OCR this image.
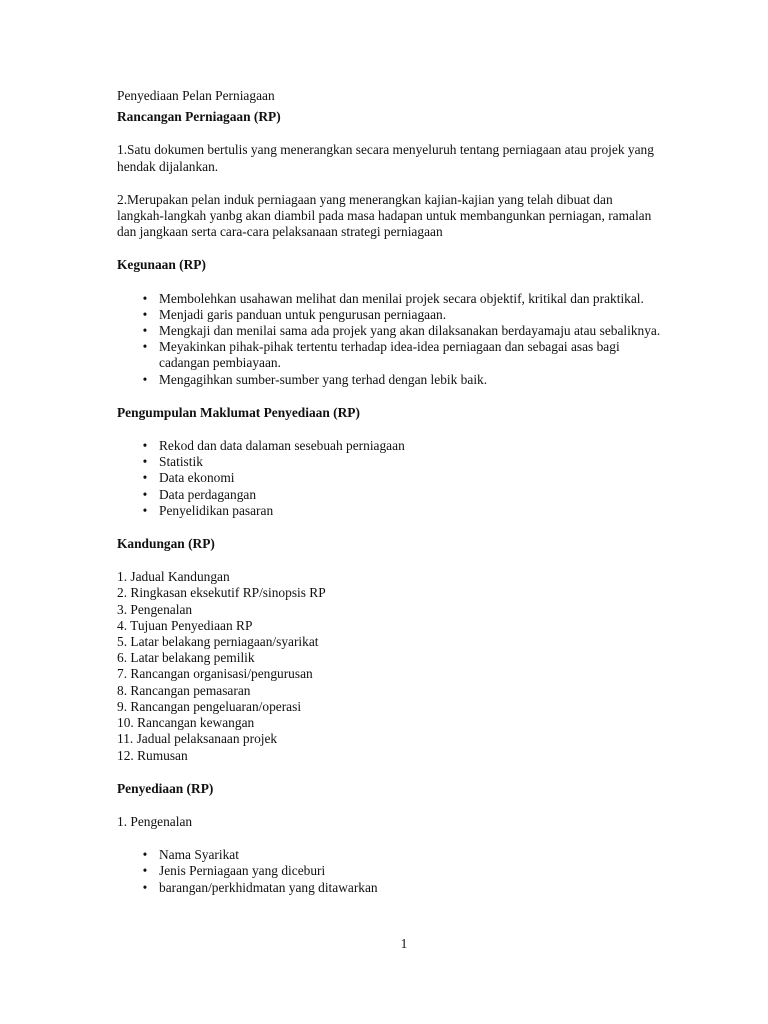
Penyediaan Pelan Perniagaan

Rancangan Perniagaan (RP)

1.Satu dokumen bertulis yang menerangkan secara menyeluruh tentang perniagaan atau projek yang
hendak dijalankan.

2.Merupakan pelan induk perniagaan yang menerangkan kajian-kajian yang telah dibuat dan
langkah-langkah yanbg akan diambil pada masa hadapan untuk membangunkan perniagan, ramalan
dan jangkaan serta cara-cara pelaksanaan strategi perniagaan

Kegunaan (RP)
• Membolehkan usahawan melihat dan menilai projek secara objektif, kritikal dan praktikal.
• Menjadi garis panduan untuk pengurusan perniagaan.
• Mengkaji dan menilai sama ada projek yang akan dilaksanakan berdayamaju atau sebaliknya.
• Meyakinkan pihak-pihak tertentu terhadap idea-idea perniagaan dan sebagai asas bagi
cadangan pembiayaan.
• Mengagihkan sumber-sumber yang terhad dengan lebik baik.
Pengumpulan Maklumat Penyediaan (RP)
• Rekod dan data dalaman sesebuah perniagaan
• Statistik
• Data ekonomi
• Data perdagangan
• Penyelidikan pasaran
Kandungan (RP)
1. Jadual Kandungan
2. Ringkasan eksekutif RP/sinopsis RP
3. Pengenalan
4. Tujuan Penyediaan RP
5. Latar belakang perniagaan/syarikat
6. Latar belakang pemilik
7. Rancangan organisasi/pengurusan
8. Rancangan pemasaran
9. Rancangan pengeluaran/operasi
10. Rancangan kewangan
11. Jadual pelaksanaan projek
12. Rumusan
Penyediaan (RP)

1. Pengenalan

• Nama Syarikat
• Jenis Perniagaan yang diceburi
• barangan/perkhidmatan yang ditawarkan
1
